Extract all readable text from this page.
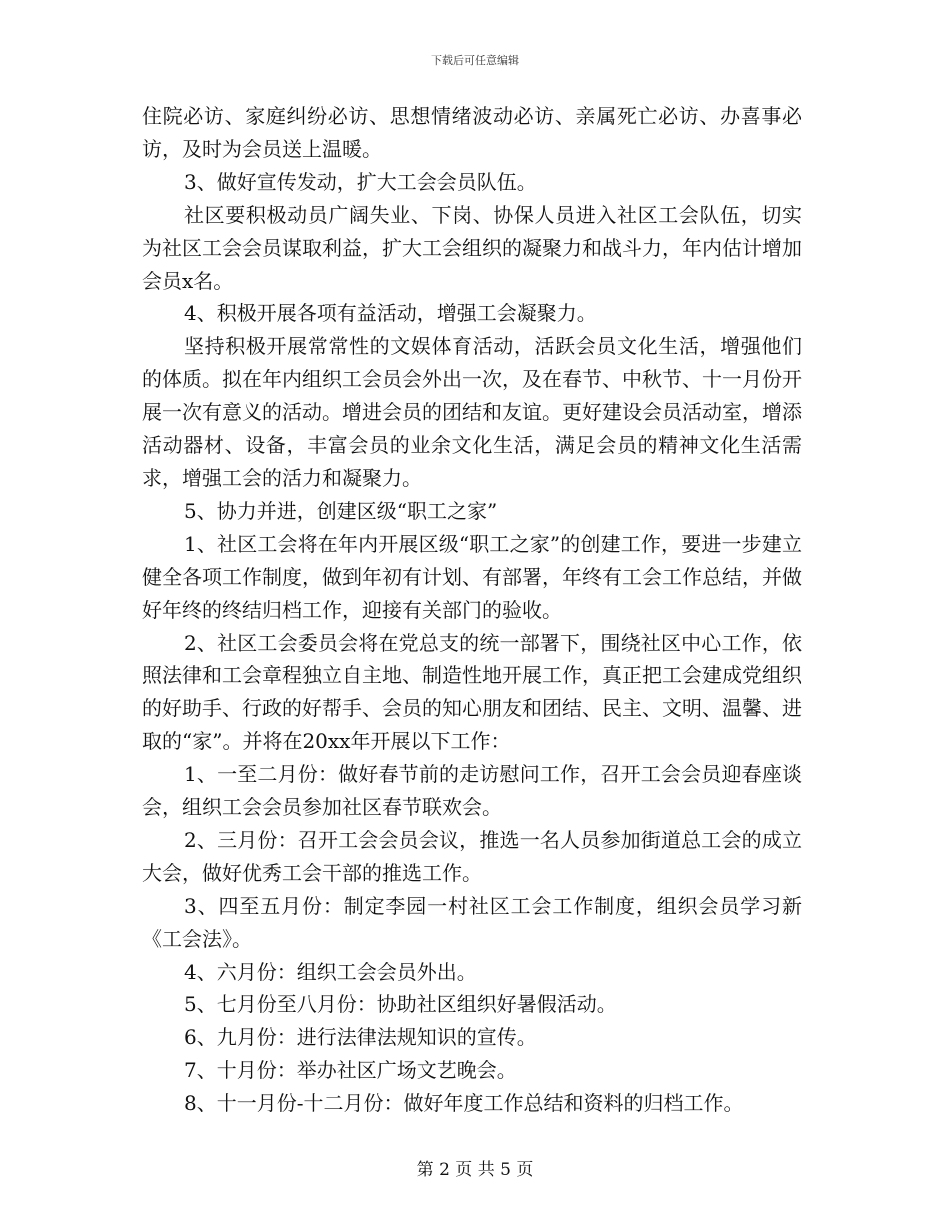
下载后可任意编辑

住院必访、家庭纠纷必访、思想情绪波动必访、亲属死亡必访、办喜事必访，及时为会员送上温暖。

3、做好宣传发动，扩大工会会员队伍。

社区要积极动员广阔失业、下岗、协保人员进入社区工会队伍，切实为社区工会会员谋取利益，扩大工会组织的凝聚力和战斗力，年内估计增加会员x名。

4、积极开展各项有益活动，增强工会凝聚力。

坚持积极开展常常性的文娱体育活动，活跃会员文化生活，增强他们的体质。拟在年内组织工会员会外出一次，及在春节、中秋节、十一月份开展一次有意义的活动。增进会员的团结和友谊。更好建设会员活动室，增添活动器材、设备，丰富会员的业余文化生活，满足会员的精神文化生活需求，增强工会的活力和凝聚力。

5、协力并进，创建区级“职工之家”

1、社区工会将在年内开展区级“职工之家”的创建工作，要进一步建立健全各项工作制度，做到年初有计划、有部署，年终有工会工作总结，并做好年终的终结归档工作，迎接有关部门的验收。

2、社区工会委员会将在党总支的统一部署下，围绕社区中心工作，依照法律和工会章程独立自主地、制造性地开展工作，真正把工会建成党组织的好助手、行政的好帮手、会员的知心朋友和团结、民主、文明、温馨、进取的“家”。并将在20xx年开展以下工作：

1、一至二月份：做好春节前的走访慰问工作，召开工会会员迎春座谈会，组织工会会员参加社区春节联欢会。

2、三月份：召开工会会员会议，推选一名人员参加街道总工会的成立大会，做好优秀工会干部的推选工作。

3、四至五月份：制定李园一村社区工会工作制度，组织会员学习新《工会法》。

4、六月份：组织工会会员外出。

5、七月份至八月份：协助社区组织好暑假活动。

6、九月份：进行法律法规知识的宣传。

7、十月份：举办社区广场文艺晚会。

8、十一月份-十二月份：做好年度工作总结和资料的归档工作。

第 2 页 共 5 页
